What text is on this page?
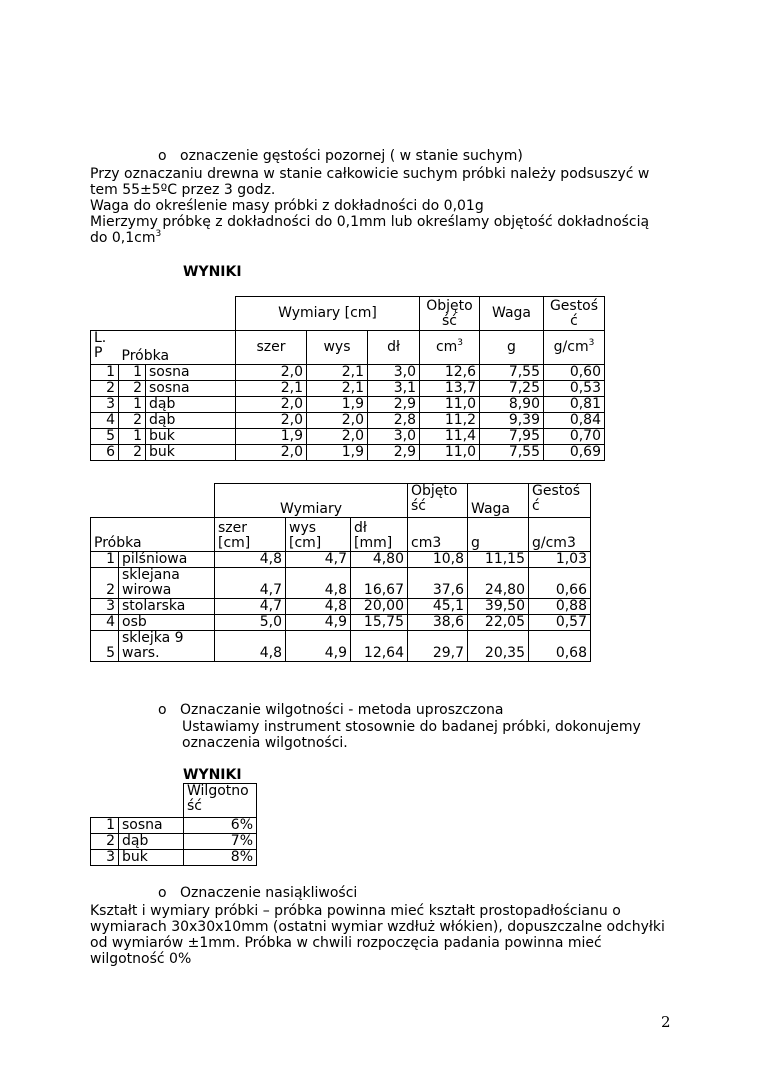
o oznaczenie gęstości pozornej ( w stanie suchym)

Przy oznaczaniu drewna w stanie całkowicie suchym próbki należy podsuszyć w

tem 55±5ºC przez 3 godz.

Waga do określenie masy próbki z dokładności do 0,01g

Mierzymy próbkę z dokładności do 0,1mm lub określamy objętość dokładnością

do $0,1cm^3$

WYNIKI
			Wymiary [cm]			Objęto ść	Waga	Gestoś ć
L. P	Próbka		szer	wys	dł	$cm^3$	g	$g/cm^3$
1	1	sosna	2,0	2,1	3,0	12,6	7,55	0,60
2	2	sosna	2,1	2,1	3,1	13,7	7,25	0,53
3	1	dąb	2,0	1,9	2,9	11,0	8,90	0,81
4	2	dąb	2,0	2,0	2,8	11,2	9,39	0,84
5	1	buk	1,9	2,0	3,0	11,4	7,95	0,70
6	2	buk	2,0	1,9	2,9	11,0	7,55	0,69
		Wymiary			Objęto ść	Waga	Gestoś ć
Próbka		szer [cm]	wys [cm]	dł [mm]	cm3	g	g/cm3
1	pilśniowa	4,8	4,7	4,80	10,8	11,15	1,03
2	sklejana wirowa	4,7	4,8	16,67	37,6	24,80	0,66
3	stolarska	4,7	4,8	20,00	45,1	39,50	0,88
4	osb	5,0	4,9	15,75	38,6	22,05	0,57
5	sklejka 9 wars.	4,8	4,9	12,64	29,7	20,35	0,68
o Oznaczanie wilgotności - metoda uproszczona

Ustawiamy instrument stosownie do badanej próbki, dokonujemy

oznaczenia wilgotności.

WYNIKI
		Wilgotno ść
1	sosna	6%
2	dąb	7%
3	buk	8%
o Oznaczenie nasiąkliwości

Kształt i wymiary próbki – próbka powinna mieć kształt prostopadłościanu o

wymiarach 30x30x10mm (ostatni wymiar wzdłuż włókien), dopuszczalne odchyłki

od wymiarów ±1mm. Próbka w chwili rozpoczęcia padania powinna mieć

wilgotność 0%

2
